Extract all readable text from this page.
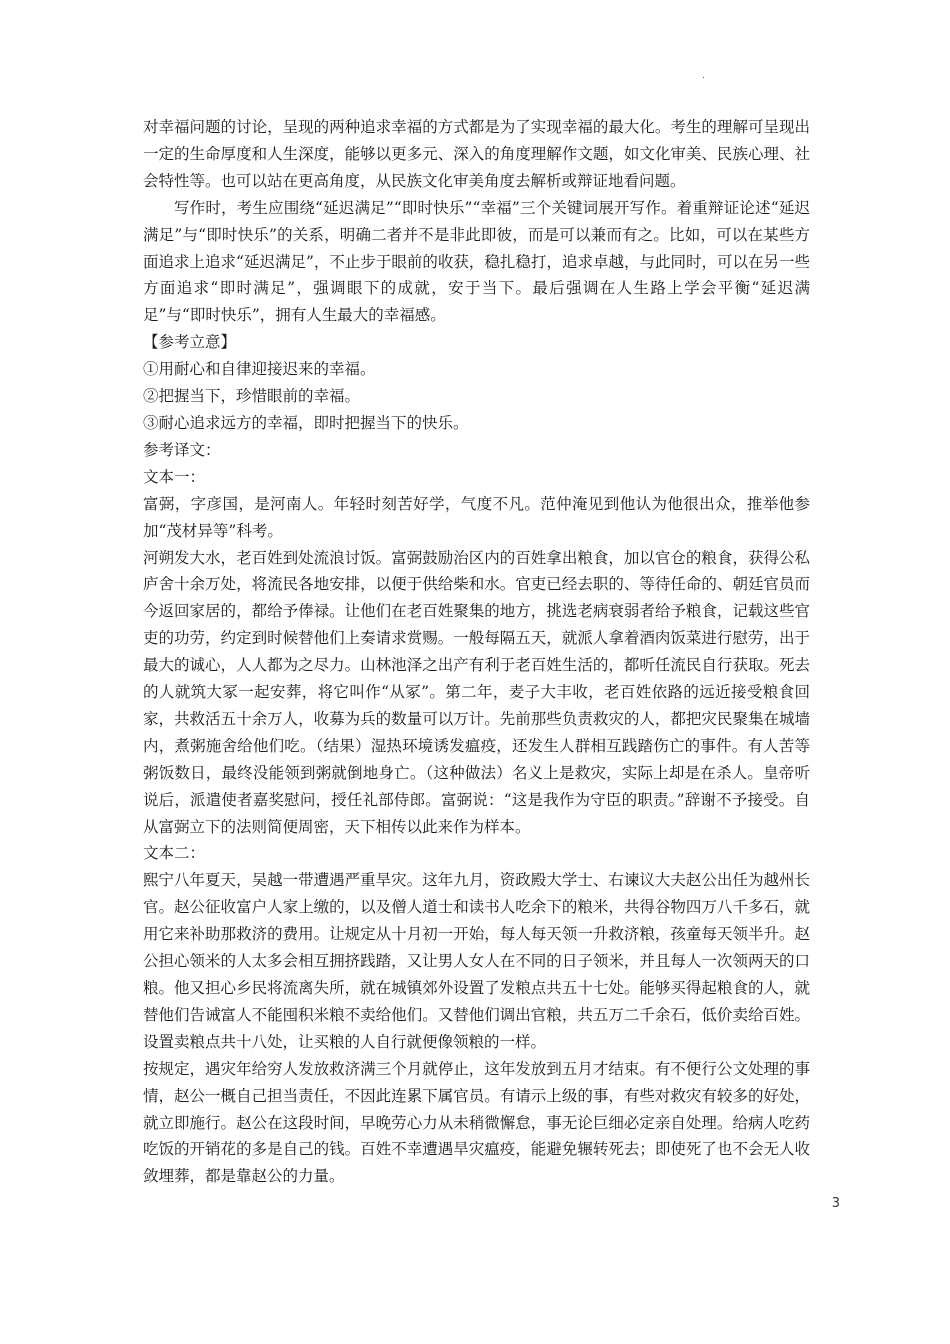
.

对幸福问题的讨论，呈现的两种追求幸福的方式都是为了实现幸福的最大化。考生的理解可呈现出一定的生命厚度和人生深度，能够以更多元、深入的角度理解作文题，如文化审美、民族心理、社会特性等。也可以站在更高角度，从民族文化审美角度去解析或辩证地看问题。

写作时，考生应围绕“延迟满足”“即时快乐”“幸福”三个关键词展开写作。着重辩证论述“延迟满足”与“即时快乐”的关系，明确二者并不是非此即彼，而是可以兼而有之。比如，可以在某些方面追求上追求“延迟满足”，不止步于眼前的收获，稳扎稳打，追求卓越，与此同时，可以在另一些方面追求“即时满足”，强调眼下的成就，安于当下。最后强调在人生路上学会平衡“延迟满足”与“即时快乐”，拥有人生最大的幸福感。

【参考立意】

①用耐心和自律迎接迟来的幸福。

②把握当下，珍惜眼前的幸福。

③耐心追求远方的幸福，即时把握当下的快乐。

参考译文：

文本一：

富弼，字彦国，是河南人。年轻时刻苦好学，气度不凡。范仲淹见到他认为他很出众，推举他参加“茂材异等”科考。

河朔发大水，老百姓到处流浪讨饭。富弼鼓励治区内的百姓拿出粮食，加以官仓的粮食，获得公私庐舍十余万处，将流民各地安排，以便于供给柴和水。官吏已经去职的、等待任命的、朝廷官员而今返回家居的，都给予俸禄。让他们在老百姓聚集的地方，挑选老病衰弱者给予粮食，记载这些官吏的功劳，约定到时候替他们上奏请求赏赐。一般每隔五天，就派人拿着酒肉饭菜进行慰劳，出于最大的诚心，人人都为之尽力。山林池泽之出产有利于老百姓生活的，都听任流民自行获取。死去的人就筑大冢一起安葬，将它叫作“从冢”。第二年，麦子大丰收，老百姓依路的远近接受粮食回家，共救活五十余万人，收募为兵的数量可以万计。先前那些负责救灾的人，都把灾民聚集在城墙内，煮粥施舍给他们吃。（结果）湿热环境诱发瘟疫，还发生人群相互践踏伤亡的事件。有人苦等粥饭数日，最终没能领到粥就倒地身亡。（这种做法）名义上是救灾，实际上却是在杀人。皇帝听说后，派遣使者嘉奖慰问，授任礼部侍郎。富弼说：“这是我作为守臣的职责。”辞谢不予接受。自从富弼立下的法则简便周密，天下相传以此来作为样本。

文本二：

熙宁八年夏天，吴越一带遭遇严重旱灾。这年九月，资政殿大学士、右谏议大夫赵公出任为越州长官。赵公征收富户人家上缴的，以及僧人道士和读书人吃余下的粮米，共得谷物四万八千多石，就用它来补助那救济的费用。让规定从十月初一开始，每人每天领一升救济粮，孩童每天领半升。赵公担心领米的人太多会相互拥挤践踏，又让男人女人在不同的日子领米，并且每人一次领两天的口粮。他又担心乡民将流离失所，就在城镇郊外设置了发粮点共五十七处。能够买得起粮食的人，就替他们告诫富人不能囤积米粮不卖给他们。又替他们调出官粮，共五万二千余石，低价卖给百姓。设置卖粮点共十八处，让买粮的人自行就便像领粮的一样。

按规定，遇灾年给穷人发放救济满三个月就停止，这年发放到五月才结束。有不便行公文处理的事情，赵公一概自己担当责任，不因此连累下属官员。有请示上级的事，有些对救灾有较多的好处，就立即施行。赵公在这段时间，早晚劳心力从未稍微懈怠，事无论巨细必定亲自处理。给病人吃药吃饭的开销花的多是自己的钱。百姓不幸遭遇旱灾瘟疫，能避免辗转死去；即使死了也不会无人收敛埋葬，都是靠赵公的力量。

3
